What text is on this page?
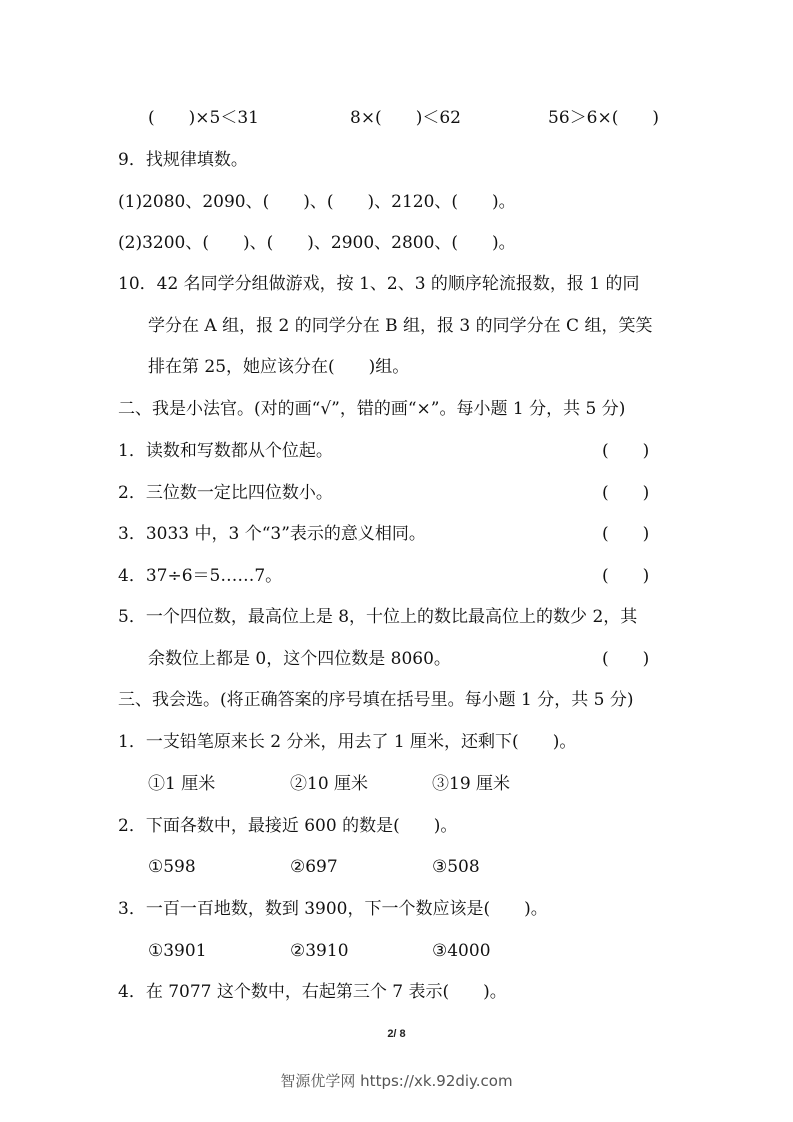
(　　)×5＜31	8×(　　)＜62	56＞6×(　　)
9．找规律填数。
(1)2080、2090、(　　)、(　　)、2120、(　　)。
(2)3200、(　　)、(　　)、2900、2800、(　　)。
10．42 名同学分组做游戏，按 1、2、3 的顺序轮流报数，报 1 的同
学分在 A 组，报 2 的同学分在 B 组，报 3 的同学分在 C 组，笑笑
排在第 25，她应该分在(　　)组。
二、我是小法官。(对的画“√”，错的画“×”。每小题 1 分，共 5 分)
1．读数和写数都从个位起。	(　　)
2．三位数一定比四位数小。	(　　)
3．3033 中，3 个“3”表示的意义相同。	(　　)
4．37÷6＝5……7。	(　　)
5．一个四位数，最高位上是 8，十位上的数比最高位上的数少 2，其
余数位上都是 0，这个四位数是 8060。	(　　)
三、我会选。(将正确答案的序号填在括号里。每小题 1 分，共 5 分)
1．一支铅笔原来长 2 分米，用去了 1 厘米，还剩下(　　)。
①1 厘米	②10 厘米	③19 厘米
2．下面各数中，最接近 600 的数是(　　)。
①598	②697	③508
3．一百一百地数，数到 3900，下一个数应该是(　　)。
①3901	②3910	③4000
4．在 7077 这个数中，右起第三个 7 表示(　　)。
2/ 8
智源优学网 https://xk.92diy.com
